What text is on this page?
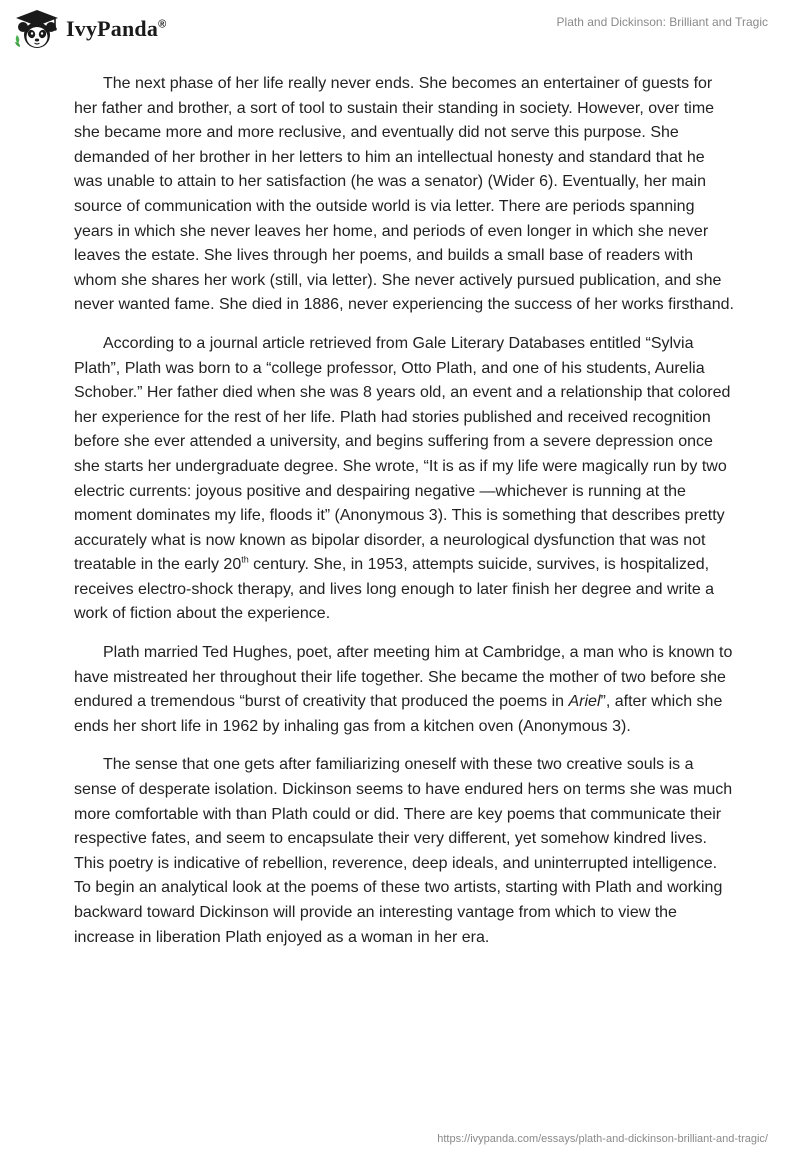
IvyPanda®	Plath and Dickinson: Brilliant and Tragic

The next phase of her life really never ends. She becomes an entertainer of guests for her father and brother, a sort of tool to sustain their standing in society. However, over time she became more and more reclusive, and eventually did not serve this purpose. She demanded of her brother in her letters to him an intellectual honesty and standard that he was unable to attain to her satisfaction (he was a senator) (Wider 6). Eventually, her main source of communication with the outside world is via letter. There are periods spanning years in which she never leaves her home, and periods of even longer in which she never leaves the estate. She lives through her poems, and builds a small base of readers with whom she shares her work (still, via letter). She never actively pursued publication, and she never wanted fame. She died in 1886, never experiencing the success of her works firsthand.

According to a journal article retrieved from Gale Literary Databases entitled “Sylvia Plath”, Plath was born to a “college professor, Otto Plath, and one of his students, Aurelia Schober.” Her father died when she was 8 years old, an event and a relationship that colored her experience for the rest of her life. Plath had stories published and received recognition before she ever attended a university, and begins suffering from a severe depression once she starts her undergraduate degree. She wrote, “It is as if my life were magically run by two electric currents: joyous positive and despairing negative —whichever is running at the moment dominates my life, floods it” (Anonymous 3). This is something that describes pretty accurately what is now known as bipolar disorder, a neurological dysfunction that was not treatable in the early 20th century. She, in 1953, attempts suicide, survives, is hospitalized, receives electro-shock therapy, and lives long enough to later finish her degree and write a work of fiction about the experience.

Plath married Ted Hughes, poet, after meeting him at Cambridge, a man who is known to have mistreated her throughout their life together. She became the mother of two before she endured a tremendous “burst of creativity that produced the poems in Ariel”, after which she ends her short life in 1962 by inhaling gas from a kitchen oven (Anonymous 3).

The sense that one gets after familiarizing oneself with these two creative souls is a sense of desperate isolation. Dickinson seems to have endured hers on terms she was much more comfortable with than Plath could or did. There are key poems that communicate their respective fates, and seem to encapsulate their very different, yet somehow kindred lives. This poetry is indicative of rebellion, reverence, deep ideals, and uninterrupted intelligence. To begin an analytical look at the poems of these two artists, starting with Plath and working backward toward Dickinson will provide an interesting vantage from which to view the increase in liberation Plath enjoyed as a woman in her era.

https://ivypanda.com/essays/plath-and-dickinson-brilliant-and-tragic/
